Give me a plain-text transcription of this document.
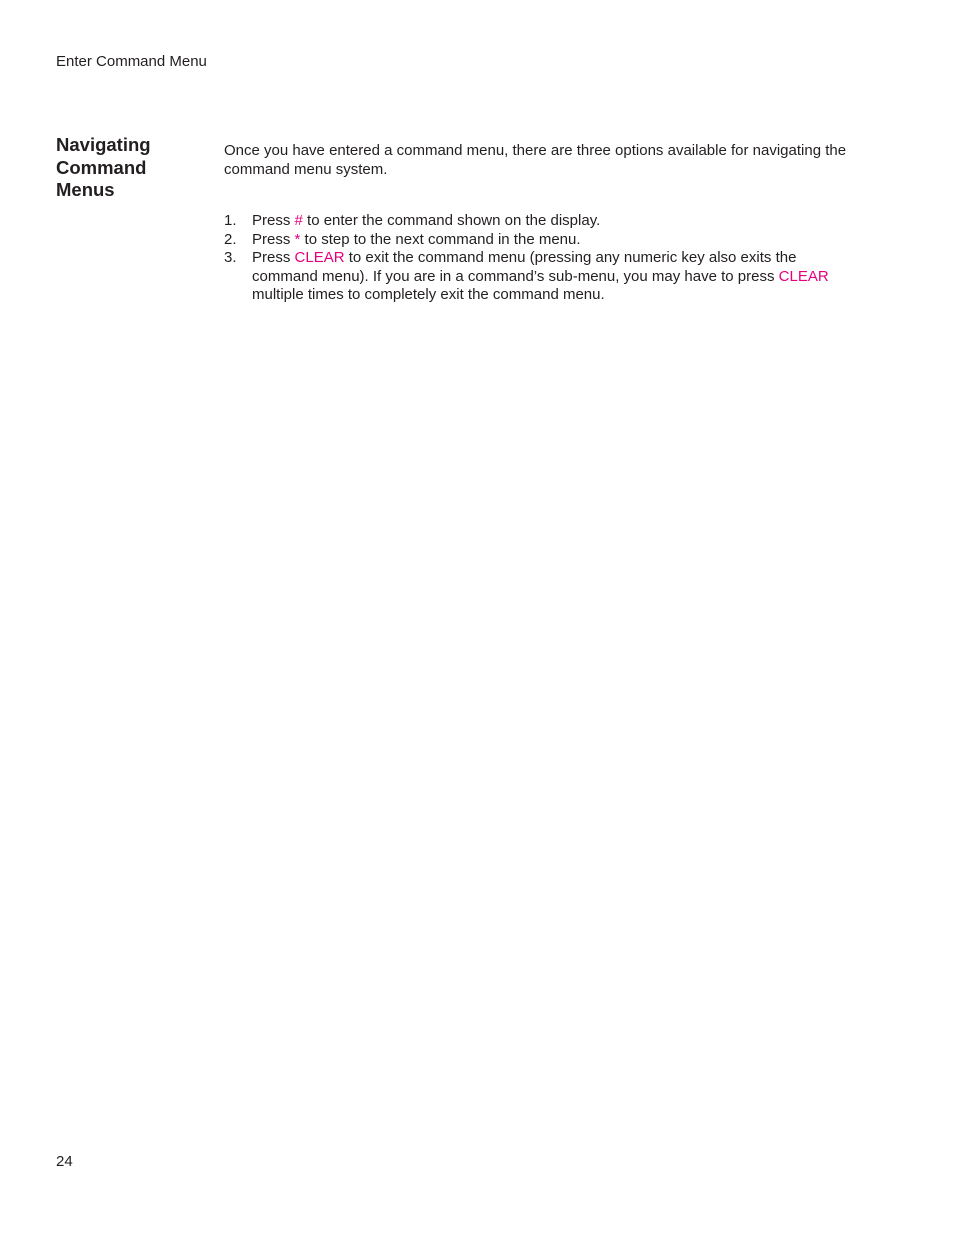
Enter Command Menu
Navigating
Command
Menus

Once you have entered a command menu, there are three options available for navigating the command menu system.

1. Press # to enter the command shown on the display.
2. Press * to step to the next command in the menu.
3. Press CLEAR to exit the command menu (pressing any numeric key also exits the command menu). If you are in a command’s sub-menu, you may have to press CLEAR multiple times to completely exit the command menu.
24
